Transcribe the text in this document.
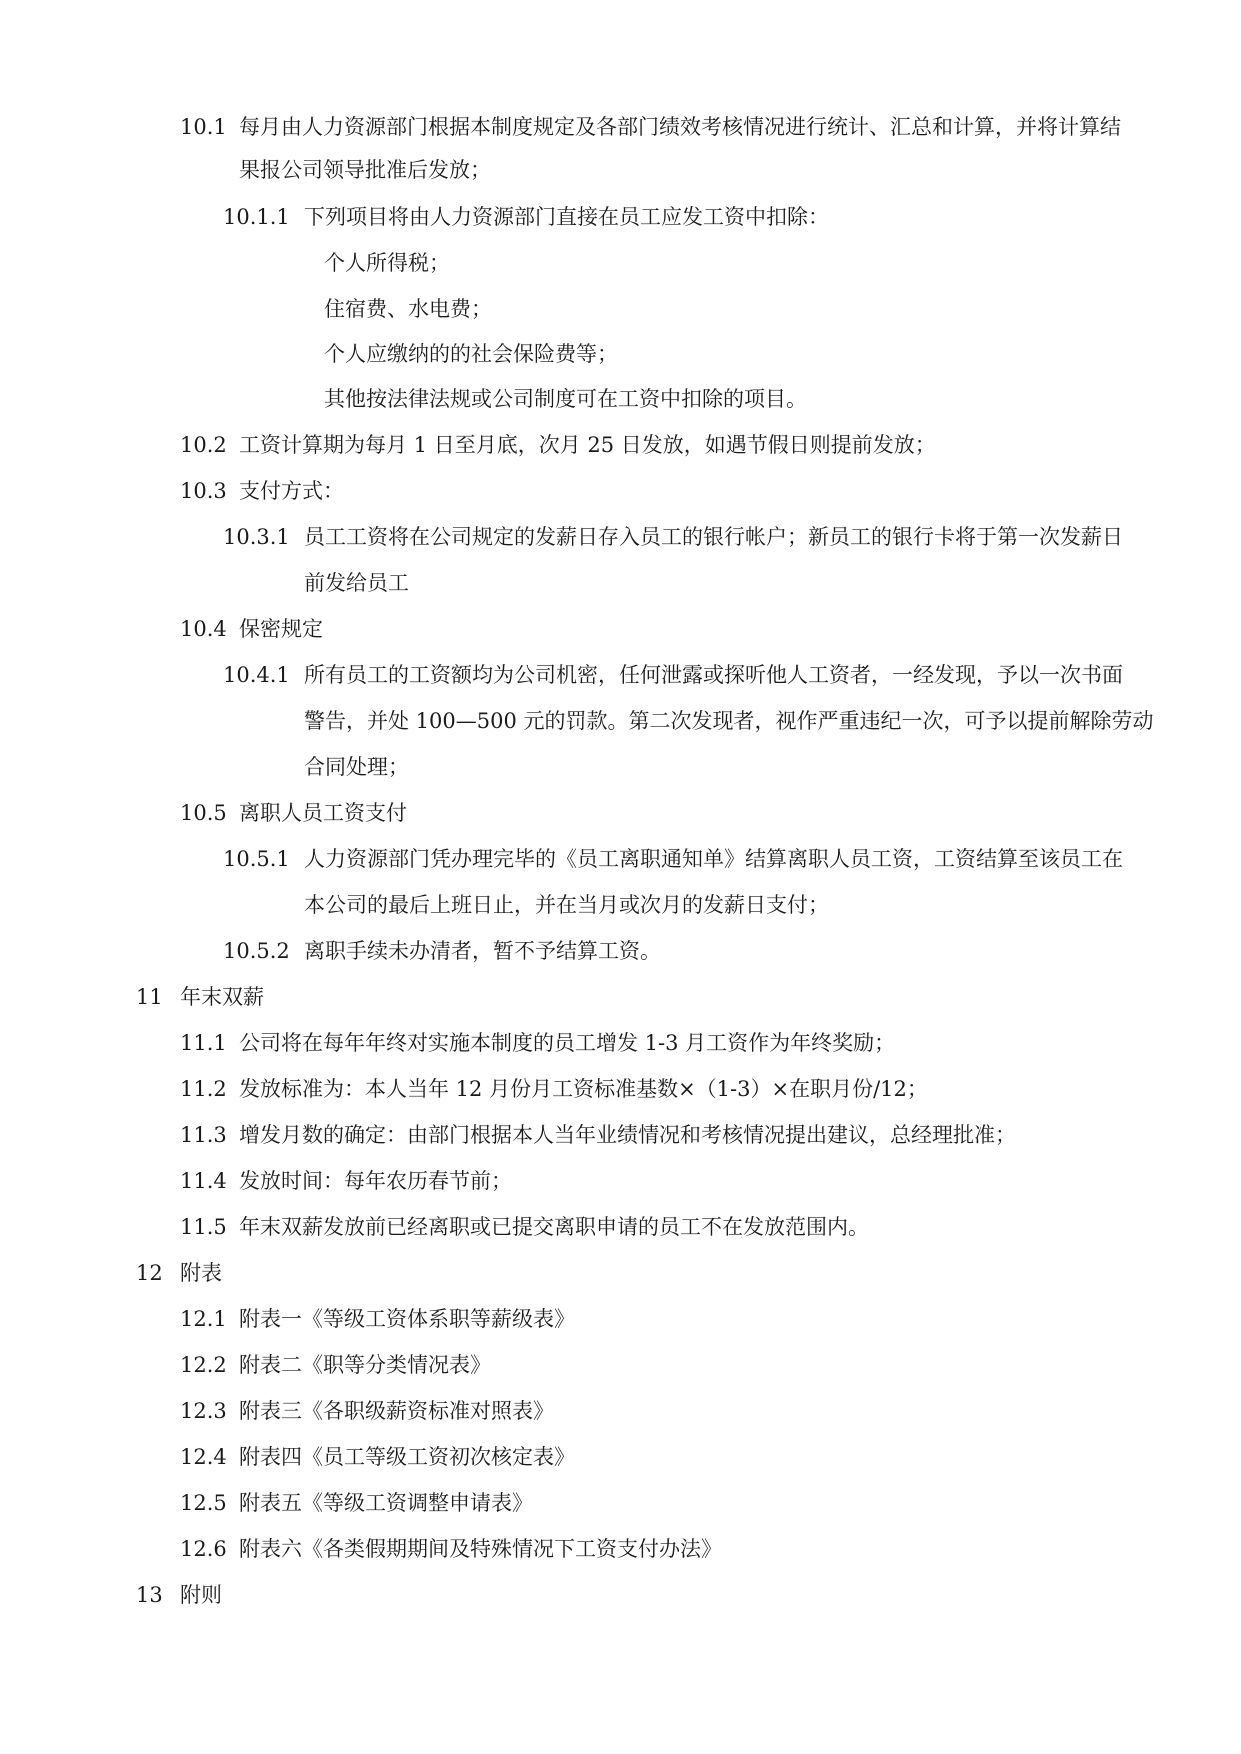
10.1 每月由人力资源部门根据本制度规定及各部门绩效考核情况进行统计、汇总和计算，并将计算结
果报公司领导批准后发放；
10.1.1 下列项目将由人力资源部门直接在员工应发工资中扣除：
个人所得税；
住宿费、水电费；
个人应缴纳的的社会保险费等；
其他按法律法规或公司制度可在工资中扣除的项目。
10.2 工资计算期为每月 1 日至月底，次月 25 日发放，如遇节假日则提前发放；
10.3 支付方式：
10.3.1 员工工资将在公司规定的发薪日存入员工的银行帐户；新员工的银行卡将于第一次发薪日
前发给员工
10.4 保密规定
10.4.1 所有员工的工资额均为公司机密，任何泄露或探听他人工资者，一经发现，予以一次书面
警告，并处 100—500 元的罚款。第二次发现者，视作严重违纪一次，可予以提前解除劳动
合同处理；
10.5 离职人员工资支付
10.5.1 人力资源部门凭办理完毕的《员工离职通知单》结算离职人员工资，工资结算至该员工在
本公司的最后上班日止，并在当月或次月的发薪日支付；
10.5.2 离职手续未办清者，暂不予结算工资。
11 年末双薪
11.1 公司将在每年年终对实施本制度的员工增发 1-3 月工资作为年终奖励；
11.2 发放标准为：本人当年 12 月份月工资标准基数×（1-3）×在职月份/12；
11.3 增发月数的确定：由部门根据本人当年业绩情况和考核情况提出建议，总经理批准；
11.4 发放时间：每年农历春节前；
11.5 年末双薪发放前已经离职或已提交离职申请的员工不在发放范围内。
12 附表
12.1 附表一《等级工资体系职等薪级表》
12.2 附表二《职等分类情况表》
12.3 附表三《各职级薪资标准对照表》
12.4 附表四《员工等级工资初次核定表》
12.5 附表五《等级工资调整申请表》
12.6 附表六《各类假期期间及特殊情况下工资支付办法》
13 附则
